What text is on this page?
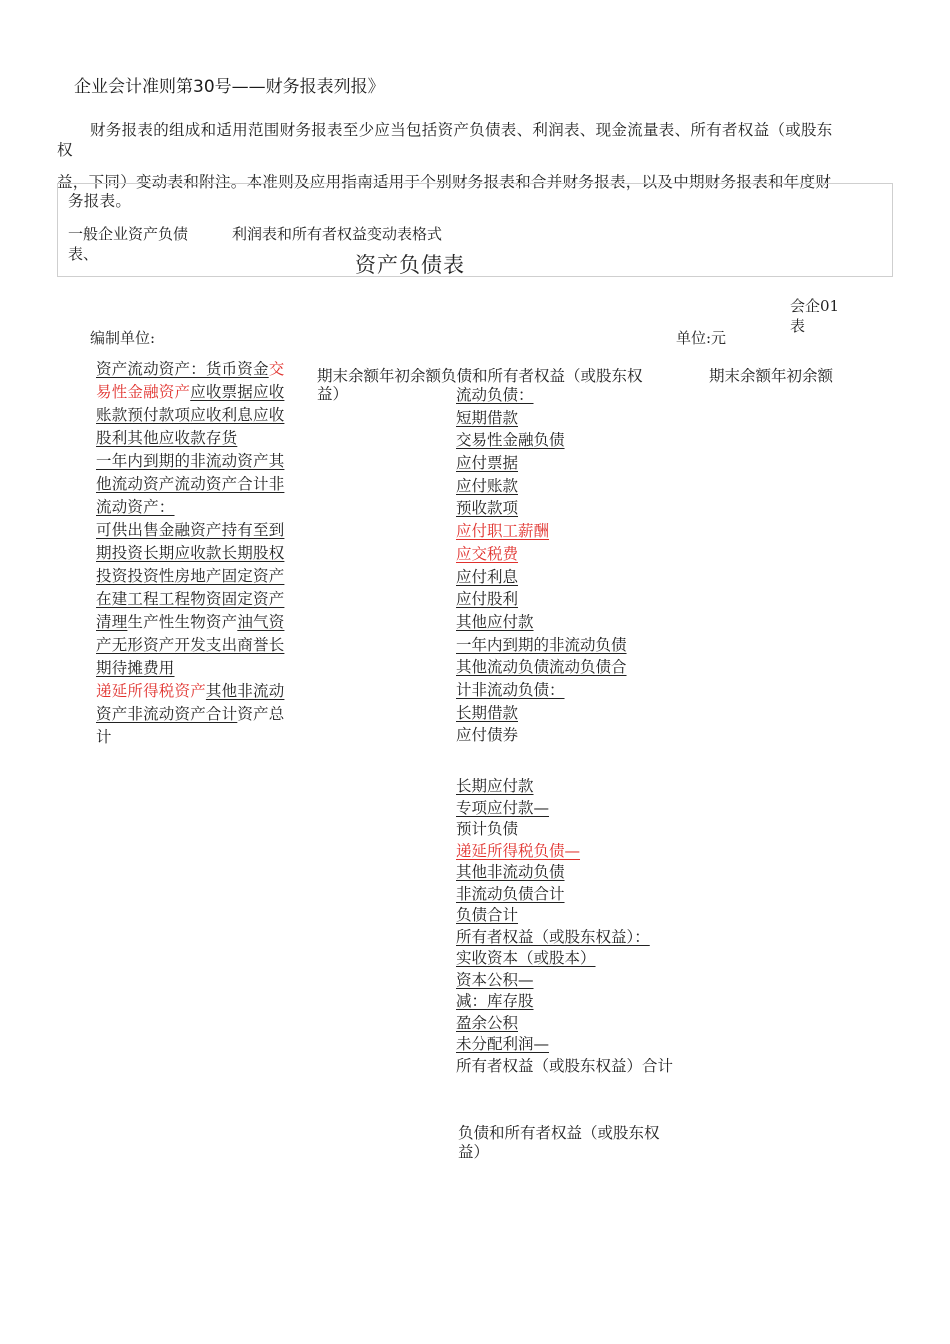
企业会计准则第30号——财务报表列报》
财务报表的组成和适用范围财务报表至少应当包括资产负债表、利润表、现金流量表、所有者权益（或股东
权
益，下同）变动表和附注。本准则及应用指南适用于个别财务报表和合并财务报表，以及中期财务报表和年度财
务报表。
一般企业资产负债
表、
利润表和所有者权益变动表格式
资产负债表
会企01
表
编制单位:	单位:元
资产流动资产：货币资金交易性金融资产应收票据应收账款预付款项应收利息应收股利其他应收款存货
一年内到期的非流动资产其他流动资产流动资产合计非流动资产：
可供出售金融资产持有至到期投资长期应收款长期股权投资投资性房地产固定资产在建工程工程物资固定资产清理生产性生物资产油气资产无形资产开发支出商誉长期待摊费用
递延所得税资产其他非流动资产非流动资产合计资产总计
期末余额年初余额负债和所有者权益（或股东权
益）
期末余额年初余额
流动负债：
短期借款
交易性金融负债
应付票据
应付账款
预收款项
应付职工薪酬
应交税费
应付利息
应付股利
其他应付款
一年内到期的非流动负债
其他流动负债流动负债合
计非流动负债：
长期借款
应付债券
长期应付款
专项应付款—
预计负债
递延所得税负债—
其他非流动负债
非流动负债合计
负债合计
所有者权益（或股东权益）：
实收资本（或股本）
资本公积—
减：库存股
盈余公积
未分配利润—
所有者权益（或股东权益）合计
负债和所有者权益（或股东权
益）
